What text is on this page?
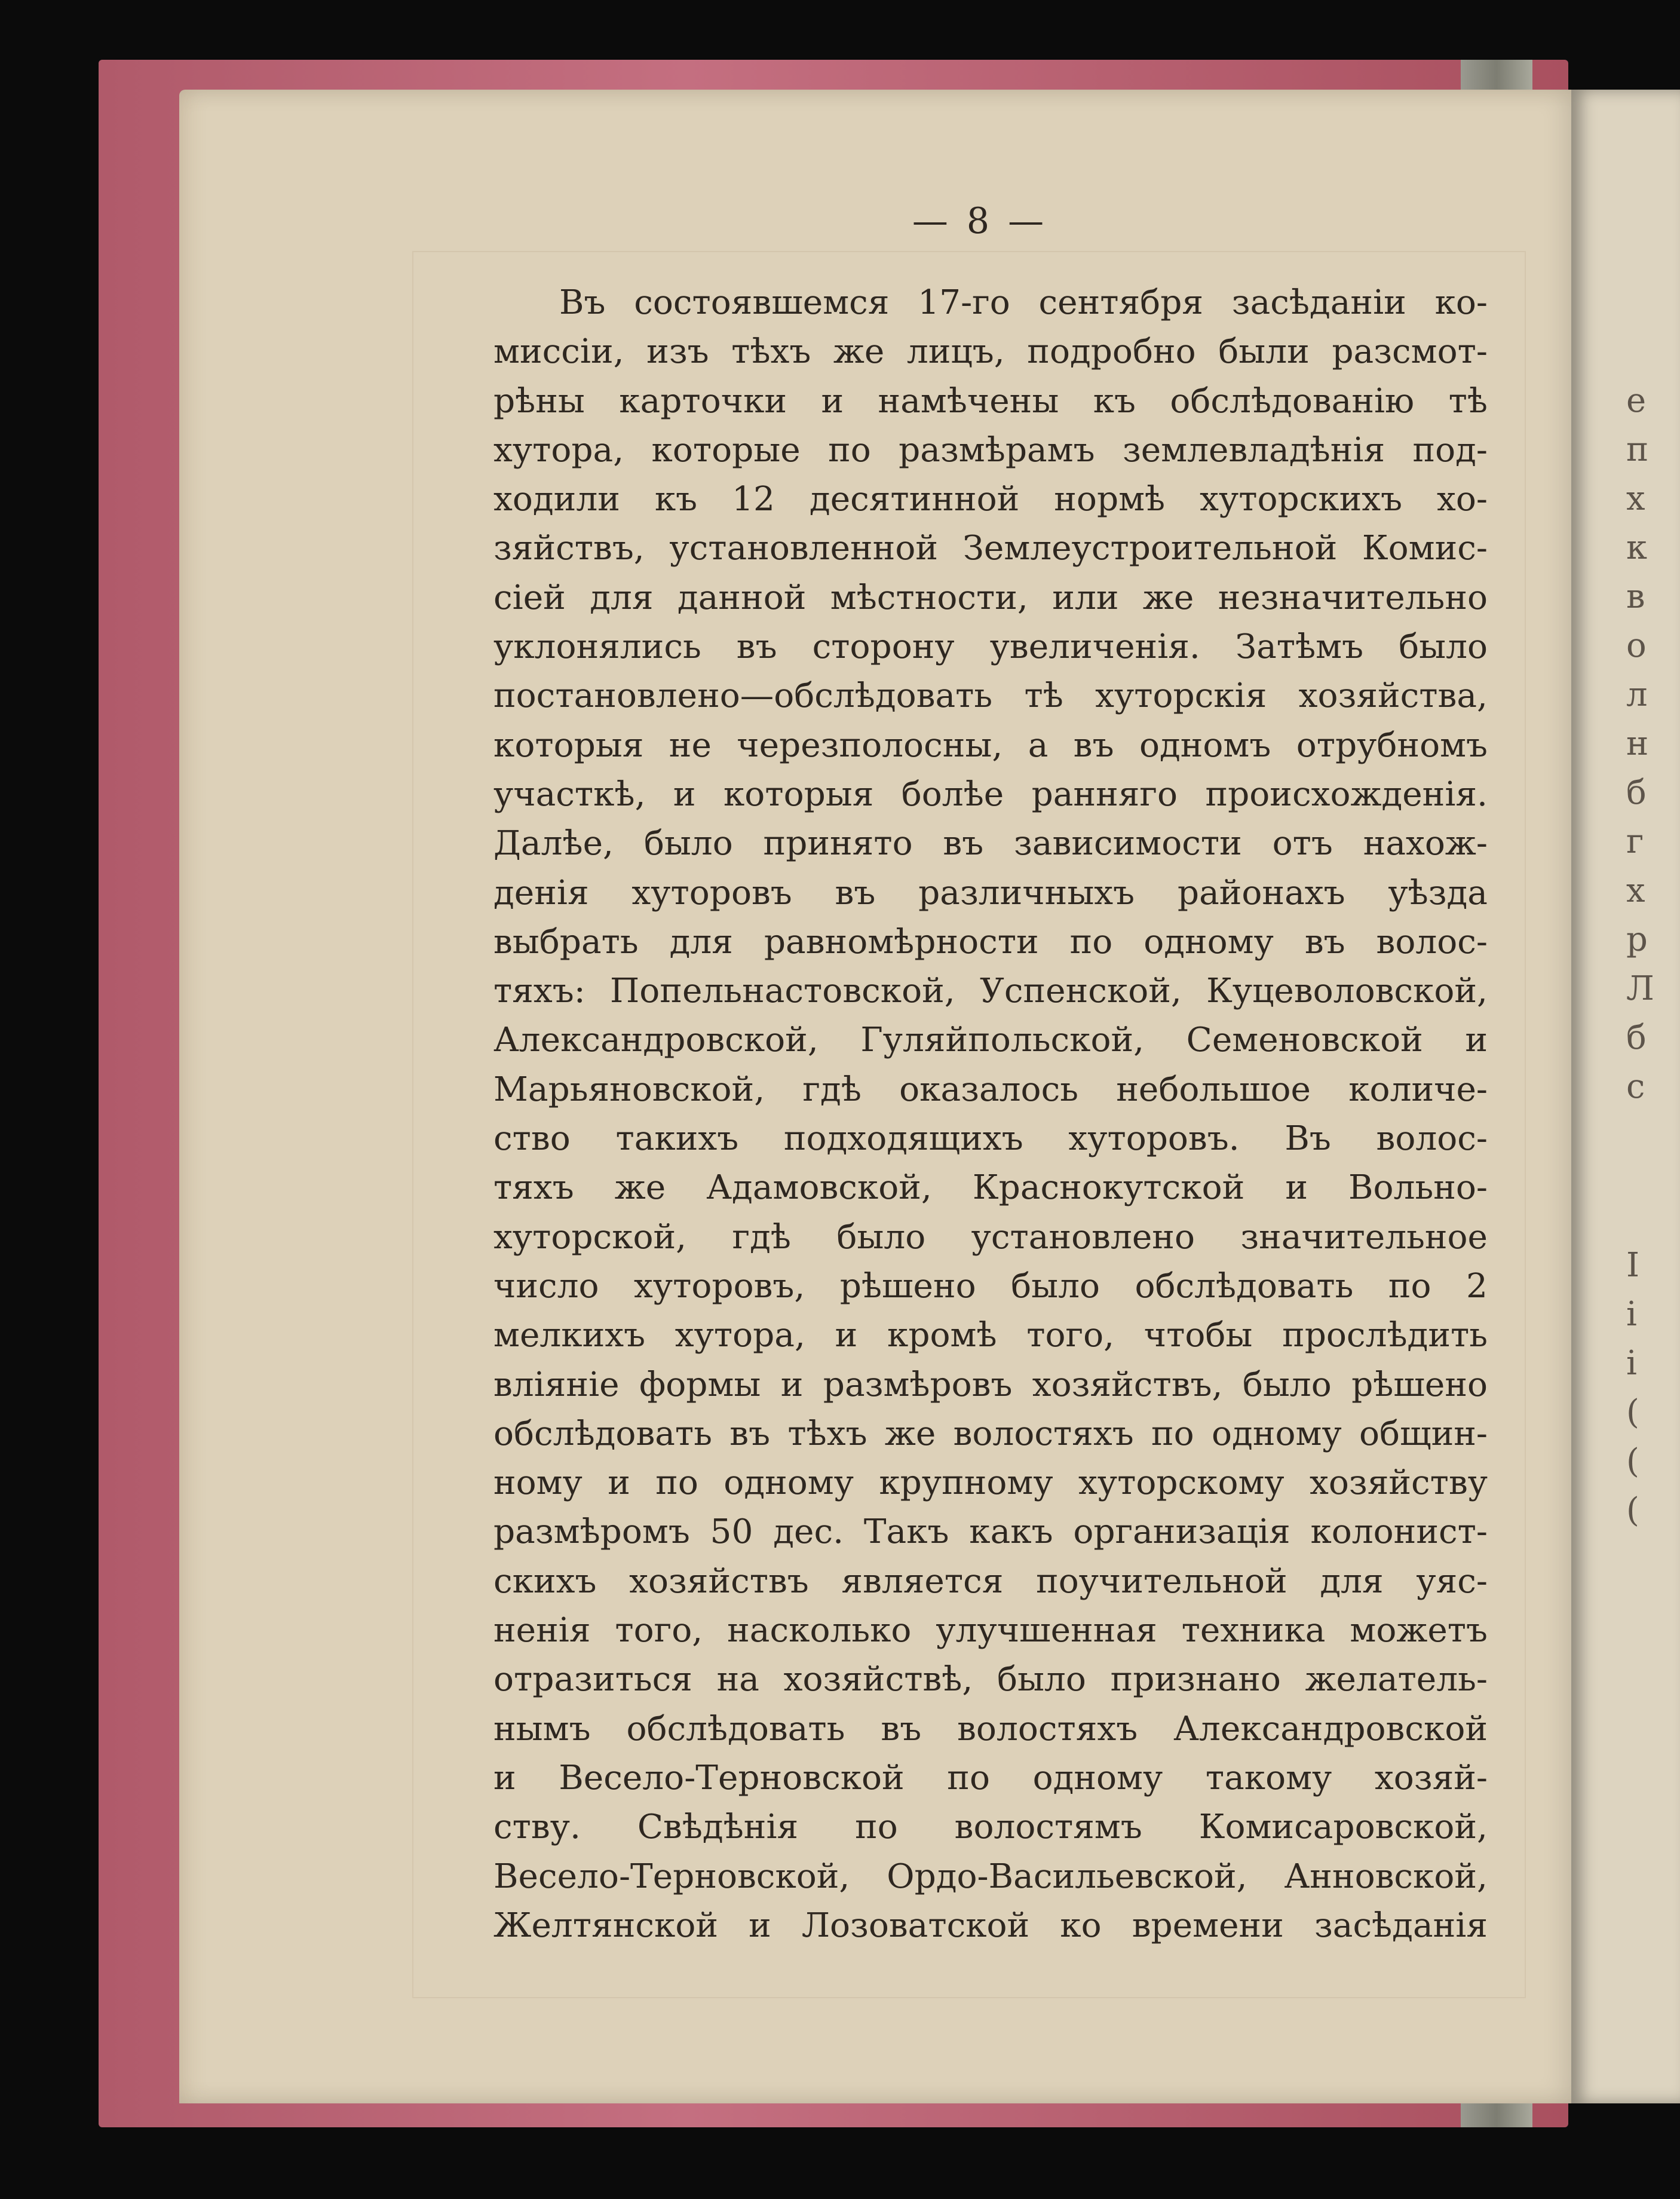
е
п
х
к
в
о
л
н
б
г
х
р
Л
б
с
І
і
і
(
(
(
— 8 —
Въ состоявшемся 17-го сентября засѣданіи ко-
миссіи, изъ тѣхъ же лицъ, подробно были разсмот-
рѣны карточки и намѣчены къ обслѣдованію тѣ
хутора, которые по размѣрамъ землевладѣнія под-
ходили къ 12 десятинной нормѣ хуторскихъ хо-
зяйствъ, установленной Землеустроительной Комис-
сіей для данной мѣстности, или же незначительно
уклонялись въ сторону увеличенія. Затѣмъ было
постановлено—обслѣдовать тѣ хуторскія хозяйства,
которыя не черезполосны, а въ одномъ отрубномъ
участкѣ, и которыя болѣе ранняго происхожденія.
Далѣе, было принято въ зависимости отъ нахож-
денія хуторовъ въ различныхъ районахъ уѣзда
выбрать для равномѣрности по одному въ волос-
тяхъ: Попельнастовской, Успенской, Куцеволовской,
Александровской, Гуляйпольской, Семеновской и
Марьяновской, гдѣ оказалось небольшое количе-
ство такихъ подходящихъ хуторовъ. Въ волос-
тяхъ же Адамовской, Краснокутской и Вольно-
хуторской, гдѣ было установлено значительное
число хуторовъ, рѣшено было обслѣдовать по 2
мелкихъ хутора, и кромѣ того, чтобы прослѣдить
вліяніе формы и размѣровъ хозяйствъ, было рѣшено
обслѣдовать въ тѣхъ же волостяхъ по одному общин-
ному и по одному крупному хуторскому хозяйству
размѣромъ 50 дес. Такъ какъ организація колонист-
скихъ хозяйствъ является поучительной для уяс-
ненія того, насколько улучшенная техника можетъ
отразиться на хозяйствѣ, было признано желатель-
нымъ обслѣдовать въ волостяхъ Александровской
и Весело-Терновской по одному такому хозяй-
ству. Свѣдѣнія по волостямъ Комисаровской,
Весело-Терновской, Ордо-Васильевской, Анновской,
Желтянской и Лозоватской ко времени засѣданія
